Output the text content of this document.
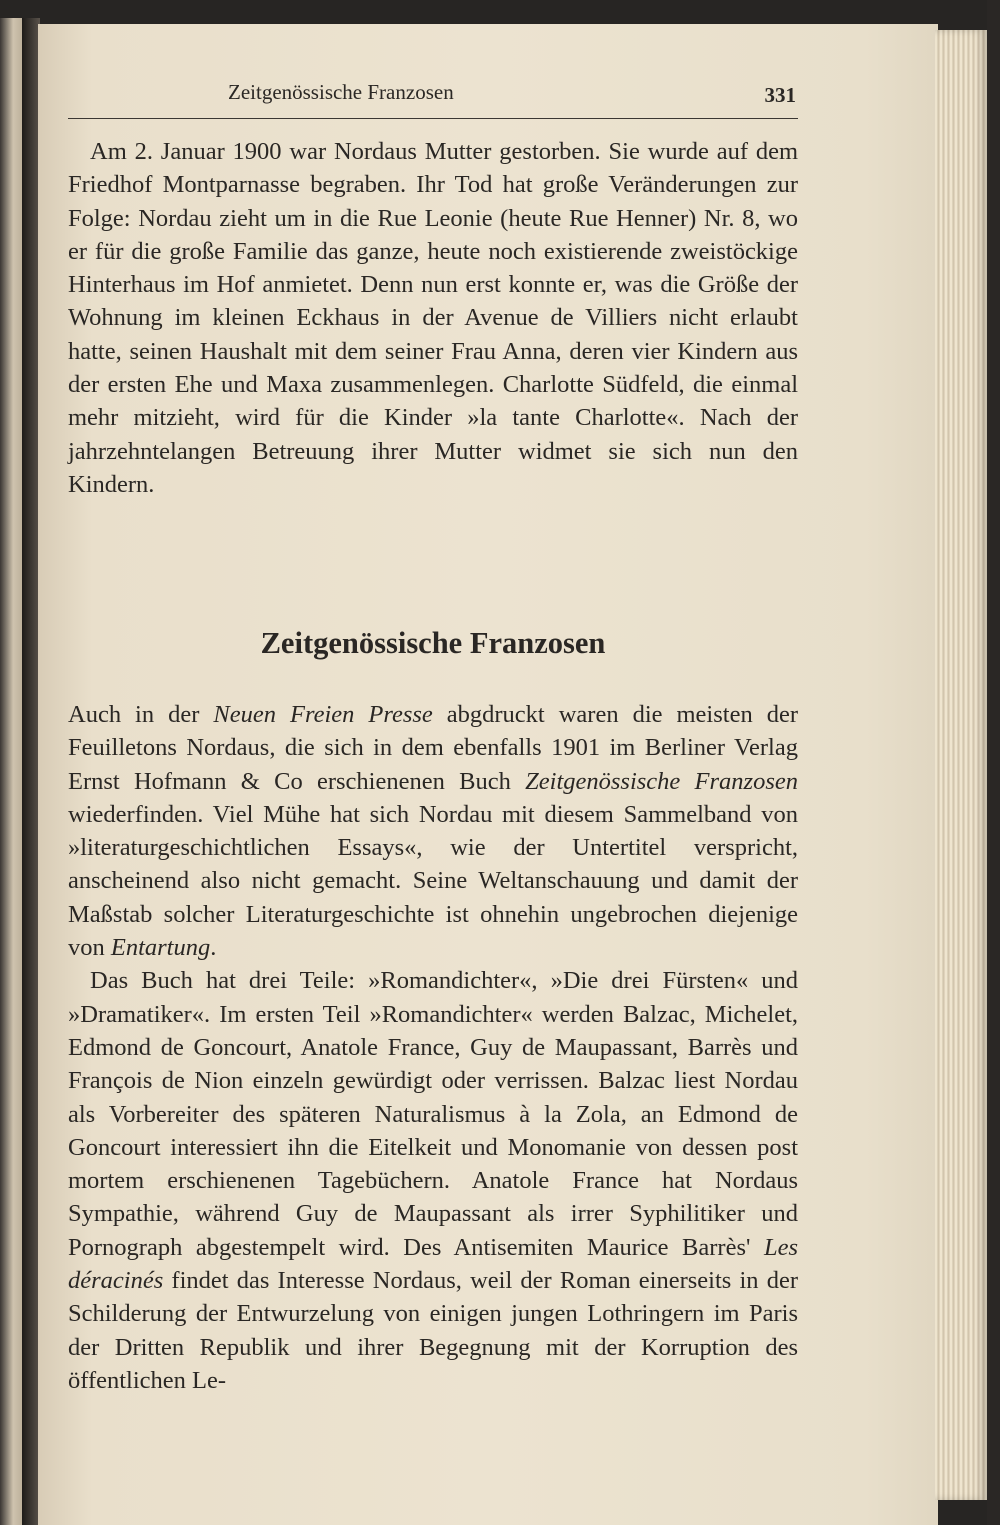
Zeitgenössische Franzosen	331

Am 2. Januar 1900 war Nordaus Mutter gestorben. Sie wurde auf dem Friedhof Montparnasse begraben. Ihr Tod hat große Veränderungen zur Folge: Nordau zieht um in die Rue Leonie (heute Rue Henner) Nr. 8, wo er für die große Familie das ganze, heute noch existierende zweistöckige Hinterhaus im Hof anmietet. Denn nun erst konnte er, was die Größe der Wohnung im kleinen Eckhaus in der Avenue de Villiers nicht erlaubt hatte, seinen Haushalt mit dem seiner Frau Anna, deren vier Kindern aus der ersten Ehe und Maxa zusammenlegen. Charlotte Südfeld, die einmal mehr mitzieht, wird für die Kinder »la tante Charlotte«. Nach der jahrzehntelangen Betreuung ihrer Mutter widmet sie sich nun den Kindern.

Zeitgenössische Franzosen

Auch in der Neuen Freien Presse abgdruckt waren die meisten der Feuilletons Nordaus, die sich in dem ebenfalls 1901 im Berliner Verlag Ernst Hofmann & Co erschienenen Buch Zeitgenössische Franzosen wiederfinden. Viel Mühe hat sich Nordau mit diesem Sammelband von »literaturgeschichtlichen Essays«, wie der Untertitel verspricht, anscheinend also nicht gemacht. Seine Weltanschauung und damit der Maßstab solcher Literaturgeschichte ist ohnehin ungebrochen diejenige von Entartung.

Das Buch hat drei Teile: »Romandichter«, »Die drei Fürsten« und »Dramatiker«. Im ersten Teil »Romandichter« werden Balzac, Michelet, Edmond de Goncourt, Anatole France, Guy de Maupassant, Barrès und François de Nion einzeln gewürdigt oder verrissen. Balzac liest Nordau als Vorbereiter des späteren Naturalismus à la Zola, an Edmond de Goncourt interessiert ihn die Eitelkeit und Monomanie von dessen post mortem erschienenen Tagebüchern. Anatole France hat Nordaus Sympathie, während Guy de Maupassant als irrer Syphilitiker und Pornograph abgestempelt wird. Des Antisemiten Maurice Barrès' Les déracinés findet das Interesse Nordaus, weil der Roman einerseits in der Schilderung der Entwurzelung von einigen jungen Lothringern im Paris der Dritten Republik und ihrer Begegnung mit der Korruption des öffentlichen Le-
